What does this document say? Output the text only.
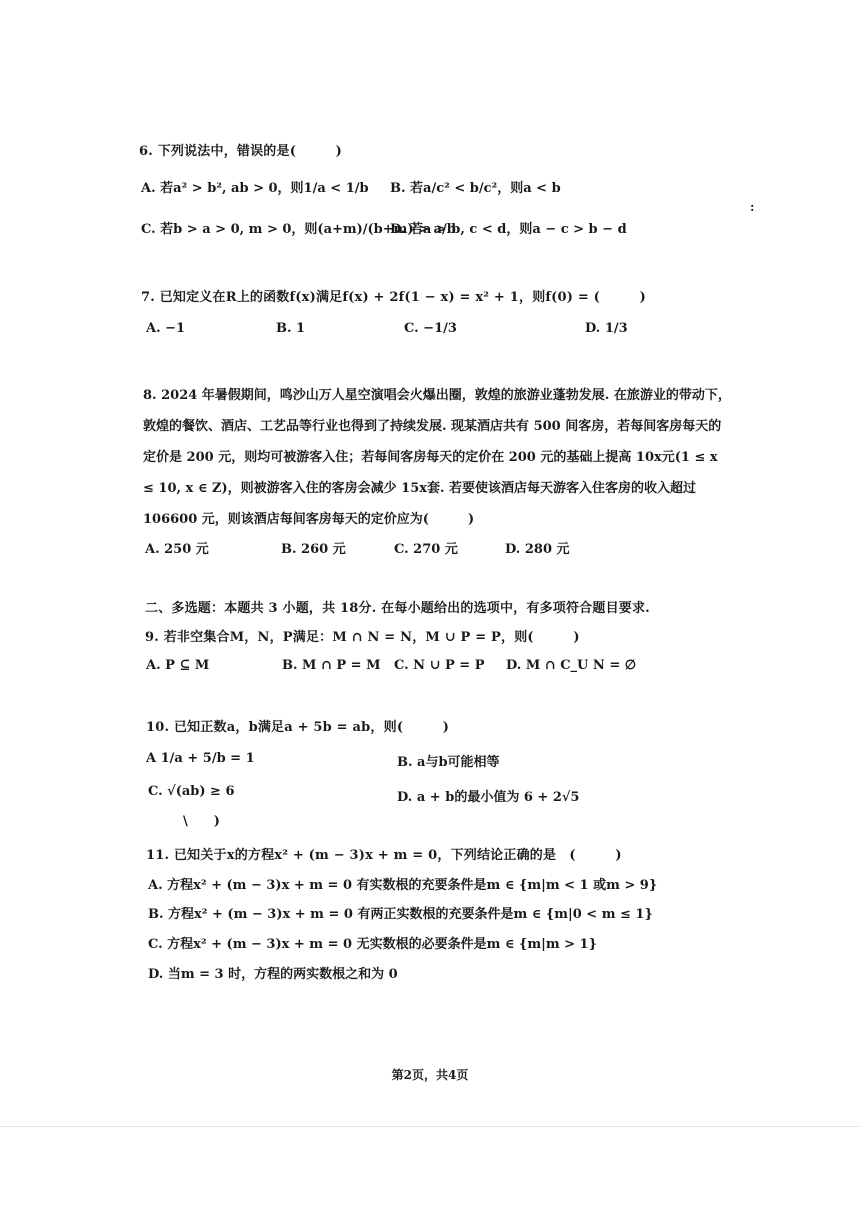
:
6. 下列说法中，错误的是(　　　)
A. 若a² > b², ab > 0，则1/a < 1/b B. 若a/c² < b/c²，则a < b
C. 若b > a > 0, m > 0，则(a+m)/(b+m) > a/b
D. 若a > b, c < d，则a − c > b − d
7. 已知定义在R上的函数f(x)满足f(x) + 2f(1 − x) = x² + 1，则f(0) = (　　　)
A. −1	B. 1	C. −1/3	D. 1/3
8. 2024 年暑假期间，鸣沙山万人星空演唱会火爆出圈，敦煌的旅游业蓬勃发展. 在旅游业的带动下，敦煌的餐饮、酒店、工艺品等行业也得到了持续发展. 现某酒店共有 500 间客房，若每间客房每天的定价是 200 元，则均可被游客入住；若每间客房每天的定价在 200 元的基础上提高 10x元(1 ≤ x ≤ 10, x ∈ Z)，则被游客入住的客房会减少 15x套. 若要使该酒店每天游客入住客房的收入超过 106600 元，则该酒店每间客房每天的定价应为(　　　)
A. 250 元	B. 260 元	C. 270 元	D. 280 元
二、多选题：本题共 3 小题，共 18分. 在每小题给出的选项中，有多项符合题目要求.
9. 若非空集合M，N，P满足：M ∩ N = N，M ∪ P = P，则(　　　)
A. P ⊆ M	B. M ∩ P = M C. N ∪ P = P D. M ∩ C_U N = ∅
10. 已知正数a，b满足a + 5b = ab，则(　　　)
A 1/a + 5/b = 1	B. a与b可能相等
C. √(ab) ≥ 6	D. a + b的最小值为 6 + 2√5
\　　)
11. 已知关于x的方程x² + (m − 3)x + m = 0，下列结论正确的是　(　　　)
A. 方程x² + (m − 3)x + m = 0 有实数根的充要条件是m ∈ {m|m < 1 或m > 9}
B. 方程x² + (m − 3)x + m = 0 有两正实数根的充要条件是m ∈ {m|0 < m ≤ 1}
C. 方程x² + (m − 3)x + m = 0 无实数根的必要条件是m ∈ {m|m > 1}
D. 当m = 3 时，方程的两实数根之和为 0
第2页，共4页
